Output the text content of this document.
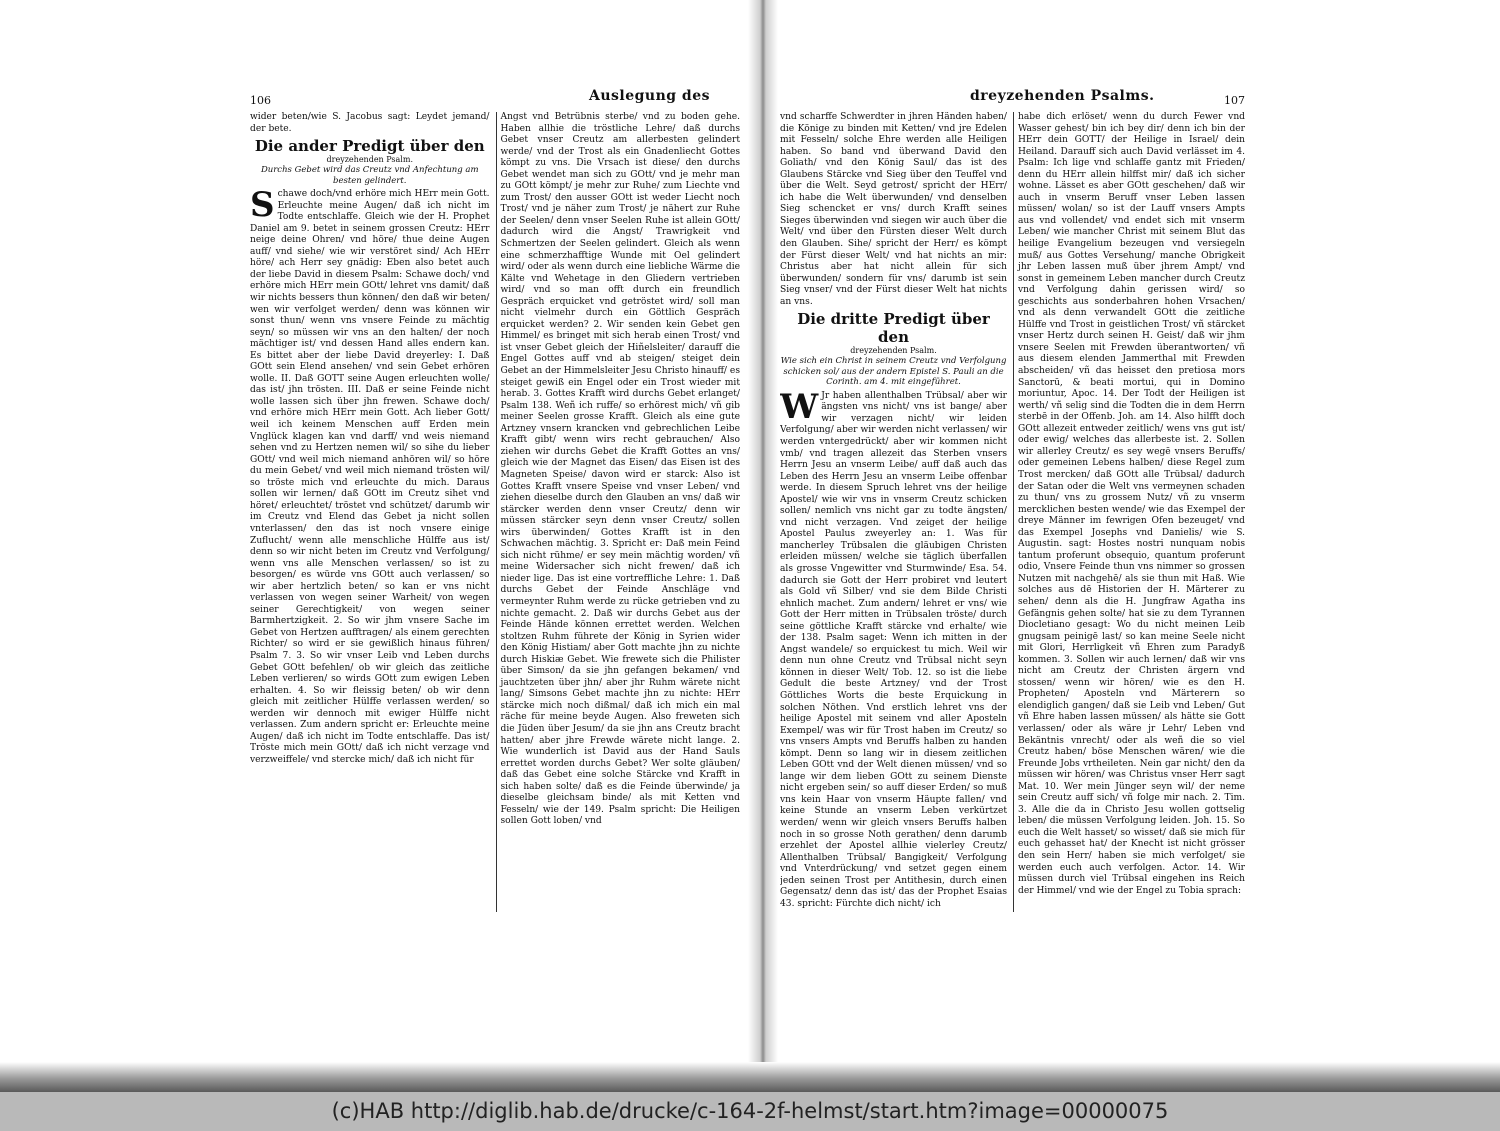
106	Auslegung des

wider beten/wie S. Jacobus sagt: Leydet jemand/ der bete.

Die ander Predigt über den
dreyzehenden Psalm.
Durchs Gebet wird das Creutz vnd Anfechtung am besten gelindert.

Schawe doch/vnd erhöre mich HErr mein Gott. Erleuchte meine Augen/ daß ich nicht im Todte entschlaffe. Gleich wie der H. Prophet Daniel am 9. betet in seinem grossen Creutz: HErr neige deine Ohren/ vnd höre/ thue deine Augen auff/ vnd siehe/ wie wir verstöret sind/ Ach HErr höre/ ach Herr sey gnädig: Eben also betet auch der liebe David in diesem Psalm: Schawe doch/ vnd erhöre mich HErr mein GOtt/ lehret vns damit/ daß wir nichts bessers thun können/ den daß wir beten/ wen wir verfolget werden/ denn was können wir sonst thun/ wenn vns vnsere Feinde zu mächtig seyn/ so müssen wir vns an den halten/ der noch mächtiger ist/ vnd dessen Hand alles endern kan. Es bittet aber der liebe David dreyerley: I. Daß GOtt sein Elend ansehen/ vnd sein Gebet erhören wolle. II. Daß GOTT seine Augen erleuchten wolle/ das ist/ jhn trösten. III. Daß er seine Feinde nicht wolle lassen sich über jhn frewen. Schawe doch/ vnd erhöre mich HErr mein Gott. Ach lieber Gott/ weil ich keinem Menschen auff Erden mein Vnglück klagen kan vnd darff/ vnd weis niemand sehen vnd zu Hertzen nemen wil/ so sihe du lieber GOtt/ vnd weil mich niemand anhören wil/ so höre du mein Gebet/ vnd weil mich niemand trösten wil/ so tröste mich vnd erleuchte du mich. Daraus sollen wir lernen/ daß GOtt im Creutz sihet vnd höret/ erleuchtet/ tröstet vnd schützet/ darumb wir im Creutz vnd Elend das Gebet ja nicht sollen vnterlassen/ den das ist noch vnsere einige Zuflucht/ wenn alle menschliche Hülffe aus ist/ denn so wir nicht beten im Creutz vnd Verfolgung/ wenn vns alle Menschen verlassen/ so ist zu besorgen/ es würde vns GOtt auch verlassen/ so wir aber hertzlich beten/ so kan er vns nicht verlassen von wegen seiner Warheit/ von wegen seiner Gerechtigkeit/ von wegen seiner Barmhertzigkeit. 2. So wir jhm vnsere Sache im Gebet von Hertzen aufftragen/ als einem gerechten Richter/ so wird er sie gewißlich hinaus führen/ Psalm 7. 3. So wir vnser Leib vnd Leben durchs Gebet GOtt befehlen/ ob wir gleich das zeitliche Leben verlieren/ so wirds GOtt zum ewigen Leben erhalten. 4. So wir fleissig beten/ ob wir denn gleich mit zeitlicher Hülffe verlassen werden/ so werden wir dennoch mit ewiger Hülffe nicht verlassen. Zum andern spricht er: Erleuchte meine Augen/ daß ich nicht im Todte entschlaffe. Das ist/ Tröste mich mein GOtt/ daß ich nicht verzage vnd verzweiffele/ vnd stercke mich/ daß ich nicht für

Angst vnd Betrübnis sterbe/ vnd zu boden gehe. Haben allhie die tröstliche Lehre/ daß durchs Gebet vnser Creutz am allerbesten gelindert werde/ vnd der Trost als ein Gnadenliecht Gottes kömpt zu vns. Die Vrsach ist diese/ den durchs Gebet wendet man sich zu GOtt/ vnd je mehr man zu GOtt kömpt/ je mehr zur Ruhe/ zum Liechte vnd zum Trost/ den ausser GOtt ist weder Liecht noch Trost/ vnd je näher zum Trost/ je nähert zur Ruhe der Seelen/ denn vnser Seelen Ruhe ist allein GOtt/ dadurch wird die Angst/ Trawrigkeit vnd Schmertzen der Seelen gelindert. Gleich als wenn eine schmerzhafftige Wunde mit Oel gelindert wird/ oder als wenn durch eine liebliche Wärme die Kälte vnd Wehetage in den Gliedern vertrieben wird/ vnd so man offt durch ein freundlich Gespräch erquicket vnd getröstet wird/ soll man nicht vielmehr durch ein Göttlich Gespräch erquicket werden? 2. Wir senden kein Gebet gen Himmel/ es bringet mit sich herab einen Trost/ vnd ist vnser Gebet gleich der Hiñelsleiter/ darauff die Engel Gottes auff vnd ab steigen/ steiget dein Gebet an der Himmelsleiter Jesu Christo hinauff/ es steiget gewiß ein Engel oder ein Trost wieder mit herab. 3. Gottes Krafft wird durchs Gebet erlanget/ Psalm 138. Weñ ich ruffe/ so erhörest mich/ vñ gib meiner Seelen grosse Krafft. Gleich als eine gute Artzney vnsern krancken vnd gebrechlichen Leibe Krafft gibt/ wenn wirs recht gebrauchen/ Also ziehen wir durchs Gebet die Krafft Gottes an vns/ gleich wie der Magnet das Eisen/ das Eisen ist des Magneten Speise/ davon wird er starck: Also ist Gottes Krafft vnsere Speise vnd vnser Leben/ vnd ziehen dieselbe durch den Glauben an vns/ daß wir stärcker werden denn vnser Creutz/ denn wir müssen stärcker seyn denn vnser Creutz/ sollen wirs überwinden/ Gottes Krafft ist in den Schwachen mächtig. 3. Spricht er: Daß mein Feind sich nicht rühme/ er sey mein mächtig worden/ vñ meine Widersacher sich nicht frewen/ daß ich nieder lige. Das ist eine vortreffliche Lehre: 1. Daß durchs Gebet der Feinde Anschläge vnd vermeynter Ruhm werde zu rücke getrieben vnd zu nichte gemacht. 2. Daß wir durchs Gebet aus der Feinde Hände können errettet werden. Welchen stoltzen Ruhm führete der König in Syrien wider den König Histiam/ aber Gott machte jhn zu nichte durch Hiskiæ Gebet. Wie frewete sich die Philister über Simson/ da sie jhn gefangen bekamen/ vnd jauchtzeten über jhn/ aber jhr Ruhm wärete nicht lang/ Simsons Gebet machte jhn zu nichte: HErr stärcke mich noch dißmal/ daß ich mich ein mal räche für meine beyde Augen. Also freweten sich die Jüden über Jesum/ da sie jhn ans Creutz bracht hatten/ aber jhre Frewde wärete nicht lange. 2. Wie wunderlich ist David aus der Hand Sauls errettet worden durchs Gebet? Wer solte gläuben/ daß das Gebet eine solche Stärcke vnd Krafft in sich haben solte/ daß es die Feinde überwinde/ ja dieselbe gleichsam binde/ als mit Ketten vnd Fesseln/ wie der 149. Psalm spricht: Die Heiligen sollen Gott loben/ vnd

dreyzehenden Psalms.	107

vnd scharffe Schwerdter in jhren Händen haben/ die Könige zu binden mit Ketten/ vnd jre Edelen mit Fesseln/ solche Ehre werden alle Heiligen haben. So band vnd überwand David den Goliath/ vnd den König Saul/ das ist des Glaubens Stärcke vnd Sieg über den Teuffel vnd über die Welt. Seyd getrost/ spricht der HErr/ ich habe die Welt überwunden/ vnd denselben Sieg schencket er vns/ durch Krafft seines Sieges überwinden vnd siegen wir auch über die Welt/ vnd über den Fürsten dieser Welt durch den Glauben. Sihe/ spricht der Herr/ es kömpt der Fürst dieser Welt/ vnd hat nichts an mir: Christus aber hat nicht allein für sich überwunden/ sondern für vns/ darumb ist sein Sieg vnser/ vnd der Fürst dieser Welt hat nichts an vns.

Die dritte Predigt über den
dreyzehenden Psalm.
Wie sich ein Christ in seinem Creutz vnd Verfolgung schicken sol/ aus der andern Epistel S. Pauli an die Corinth. am 4. mit eingeführet.

W Jr haben allenthalben Trübsal/ aber wir ängsten vns nicht/ vns ist bange/ aber wir verzagen nicht/ wir leiden Verfolgung/ aber wir werden nicht verlassen/ wir werden vntergedrückt/ aber wir kommen nicht vmb/ vnd tragen allezeit das Sterben vnsers Herrn Jesu an vnserm Leibe/ auff daß auch das Leben des Herrn Jesu an vnserm Leibe offenbar werde. In diesem Spruch lehret vns der heilige Apostel/ wie wir vns in vnserm Creutz schicken sollen/ nemlich vns nicht gar zu todte ängsten/ vnd nicht verzagen. Vnd zeiget der heilige Apostel Paulus zweyerley an: 1. Was für mancherley Trübsalen die gläubigen Christen erleiden müssen/ welche sie täglich überfallen als grosse Vngewitter vnd Sturmwinde/ Esa. 54. dadurch sie Gott der Herr probiret vnd leutert als Gold vñ Silber/ vnd sie dem Bilde Christi ehnlich machet. Zum andern/ lehret er vns/ wie Gott der Herr mitten in Trübsalen tröste/ durch seine göttliche Krafft stärcke vnd erhalte/ wie der 138. Psalm saget: Wenn ich mitten in der Angst wandele/ so erquickest tu mich. Weil wir denn nun ohne Creutz vnd Trübsal nicht seyn können in dieser Welt/ Tob. 12. so ist die liebe Gedult die beste Artzney/ vnd der Trost Göttliches Worts die beste Erquickung in solchen Nöthen. Vnd erstlich lehret vns der heilige Apostel mit seinem vnd aller Aposteln Exempel/ was wir für Trost haben im Creutz/ so vns vnsers Ampts vnd Beruffs halben zu handen kömpt. Denn so lang wir in diesem zeitlichen Leben GOtt vnd der Welt dienen müssen/ vnd so lange wir dem lieben GOtt zu seinem Dienste nicht ergeben sein/ so auff dieser Erden/ so muß vns kein Haar von vnserm Häupte fallen/ vnd keine Stunde an vnserm Leben verkürtzet werden/ wenn wir gleich vnsers Beruffs halben noch in so grosse Noth gerathen/ denn darumb erzehlet der Apostel allhie vielerley Creutz/ Allenthalben Trübsal/ Bangigkeit/ Verfolgung vnd Vnterdrückung/ vnd setzet gegen einem jeden seinen Trost per Antithesin, durch einen Gegensatz/ denn das ist/ das der Prophet Esaias 43. spricht: Fürchte dich nicht/ ich

habe dich erlöset/ wenn du durch Fewer vnd Wasser gehest/ bin ich bey dir/ denn ich bin der HErr dein GOTT/ der Heilige in Israel/ dein Heiland. Darauff sich auch David verlässet im 4. Psalm: Ich lige vnd schlaffe gantz mit Frieden/ denn du HErr allein hilffst mir/ daß ich sicher wohne. Lässet es aber GOtt geschehen/ daß wir auch in vnserm Beruff vnser Leben lassen müssen/ wolan/ so ist der Lauff vnsers Ampts aus vnd vollendet/ vnd endet sich mit vnserm Leben/ wie mancher Christ mit seinem Blut das heilige Evangelium bezeugen vnd versiegeln muß/ aus Gottes Versehung/ manche Obrigkeit jhr Leben lassen muß über jhrem Ampt/ vnd sonst in gemeinem Leben mancher durch Creutz vnd Verfolgung dahin gerissen wird/ so geschichts aus sonderbahren hohen Vrsachen/ vnd als denn verwandelt GOtt die zeitliche Hülffe vnd Trost in geistlichen Trost/ vñ stärcket vnser Hertz durch seinen H. Geist/ daß wir jhm vnsere Seelen mit Frewden überantworten/ vñ aus diesem elenden Jammerthal mit Frewden abscheiden/ vñ das heisset den pretiosa mors Sanctorū, & beati mortui, qui in Domino moriuntur, Apoc. 14. Der Todt der Heiligen ist werth/ vñ selig sind die Todten die in dem Herrn sterbē in der Offenb. Joh. am 14. Also hilfft doch GOtt allezeit entweder zeitlich/ wens vns gut ist/ oder ewig/ welches das allerbeste ist. 2. Sollen wir allerley Creutz/ es sey wegē vnsers Beruffs/ oder gemeinen Lebens halben/ diese Regel zum Trost mercken/ daß GOtt alle Trübsal/ dadurch der Satan oder die Welt vns vermeynen schaden zu thun/ vns zu grossem Nutz/ vñ zu vnserm mercklichen besten wende/ wie das Exempel der dreye Männer im fewrigen Ofen bezeuget/ vnd das Exempel Josephs vnd Danielis/ wie S. Augustin. sagt: Hostes nostri nunquam nobis tantum proferunt obsequio, quantum proferunt odio, Vnsere Feinde thun vns nimmer so grossen Nutzen mit nachgehē/ als sie thun mit Haß. Wie solches aus dē Historien der H. Märterer zu sehen/ denn als die H. Jungfraw Agatha ins Gefängnis gehen solte/ hat sie zu dem Tyrannen Diocletiano gesagt: Wo du nicht meinen Leib gnugsam peinigē last/ so kan meine Seele nicht mit Glori, Herrligkeit vñ Ehren zum Paradyß kommen. 3. Sollen wir auch lernen/ daß wir vns nicht am Creutz der Christen ärgern vnd stossen/ wenn wir hören/ wie es den H. Propheten/ Aposteln vnd Märterern so elendiglich gangen/ daß sie Leib vnd Leben/ Gut vñ Ehre haben lassen müssen/ als hätte sie Gott verlassen/ oder als wäre jr Lehr/ Leben vnd Bekäntnis vnrecht/ oder als weñ die so viel Creutz haben/ böse Menschen wären/ wie die Freunde Jobs vrtheileten. Nein gar nicht/ den da müssen wir hören/ was Christus vnser Herr sagt Mat. 10. Wer mein Jünger seyn wil/ der neme sein Creutz auff sich/ vñ folge mir nach. 2. Tim. 3. Alle die da in Christo Jesu wollen gottselig leben/ die müssen Verfolgung leiden. Joh. 15. So euch die Welt hasset/ so wisset/ daß sie mich für euch gehasset hat/ der Knecht ist nicht grösser den sein Herr/ haben sie mich verfolget/ sie werden euch auch verfolgen. Actor. 14. Wir müssen durch viel Trübsal eingehen ins Reich der Himmel/ vnd wie der Engel zu Tobia sprach:

(c)HAB http://diglib.hab.de/drucke/c-164-2f-helmst/start.htm?image=00000075
